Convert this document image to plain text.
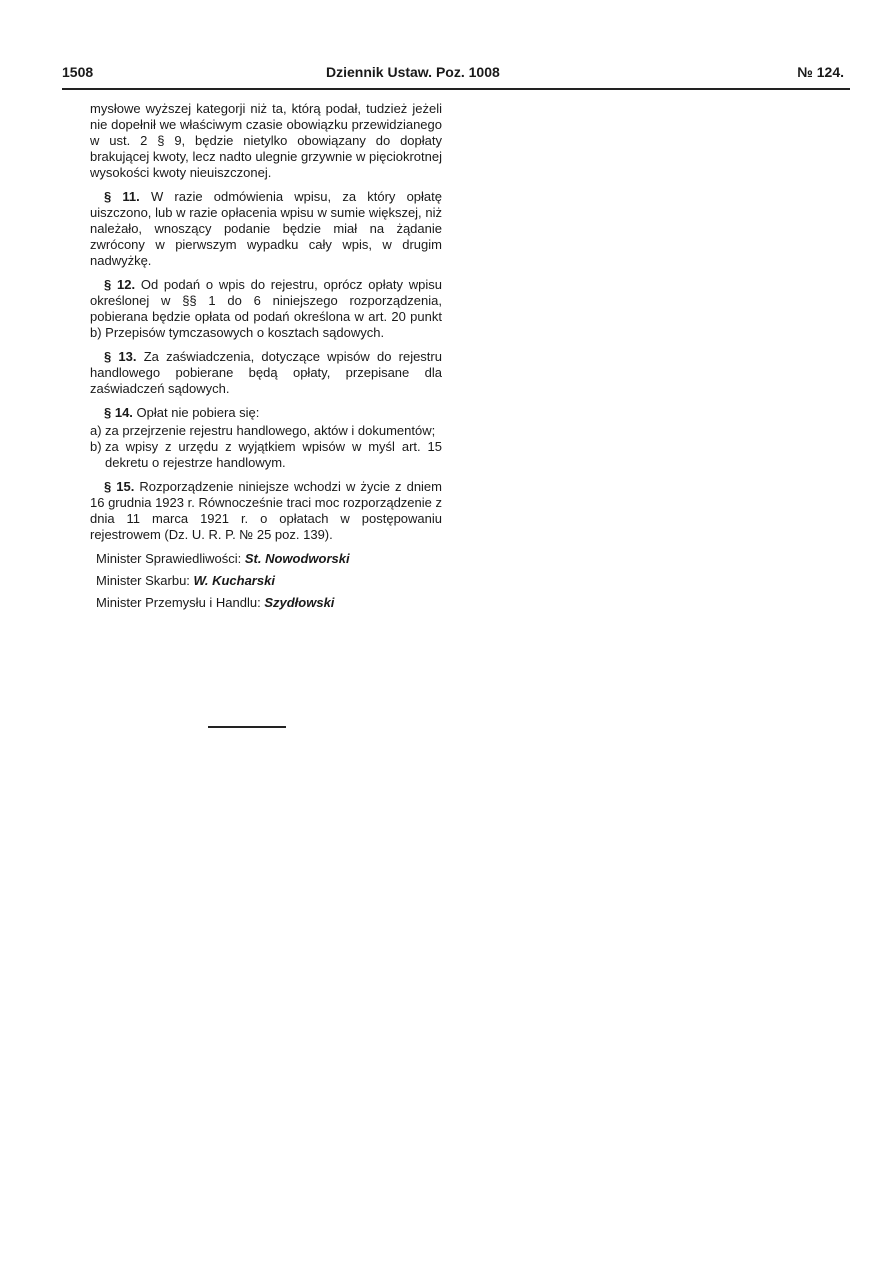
1508	Dziennik Ustaw. Poz. 1008	№ 124.

mysłowe wyższej kategorji niż ta, którą podał, tudzież jeżeli nie dopełnił we właściwym czasie obowiązku przewidzianego w ust. 2 § 9, będzie nietylko obowiązany do dopłaty brakującej kwoty, lecz nadto ulegnie grzywnie w pięciokrotnej wysokości kwoty nieuiszczonej.

§ 11. W razie odmówienia wpisu, za który opłatę uiszczono, lub w razie opłacenia wpisu w sumie większej, niż należało, wnoszący podanie będzie miał na żądanie zwrócony w pierwszym wypadku cały wpis, w drugim nadwyżkę.

§ 12. Od podań o wpis do rejestru, oprócz opłaty wpisu określonej w §§ 1 do 6 niniejszego rozporządzenia, pobierana będzie opłata od podań określona w art. 20 punkt b) Przepisów tymczasowych o kosztach sądowych.

§ 13. Za zaświadczenia, dotyczące wpisów do rejestru handlowego pobierane będą opłaty, przepisane dla zaświadczeń sądowych.

§ 14. Opłat nie pobiera się:

a) za przejrzenie rejestru handlowego, aktów i dokumentów;
b) za wpisy z urzędu z wyjątkiem wpisów w myśl art. 15 dekretu o rejestrze handlowym.

§ 15. Rozporządzenie niniejsze wchodzi w życie z dniem 16 grudnia 1923 r. Równocześnie traci moc rozporządzenie z dnia 11 marca 1921 r. o opłatach w postępowaniu rejestrowem (Dz. U. R. P. № 25 poz. 139).

Minister Sprawiedliwości: St. Nowodworski
Minister Skarbu: W. Kucharski
Minister Przemysłu i Handlu: Szydłowski
